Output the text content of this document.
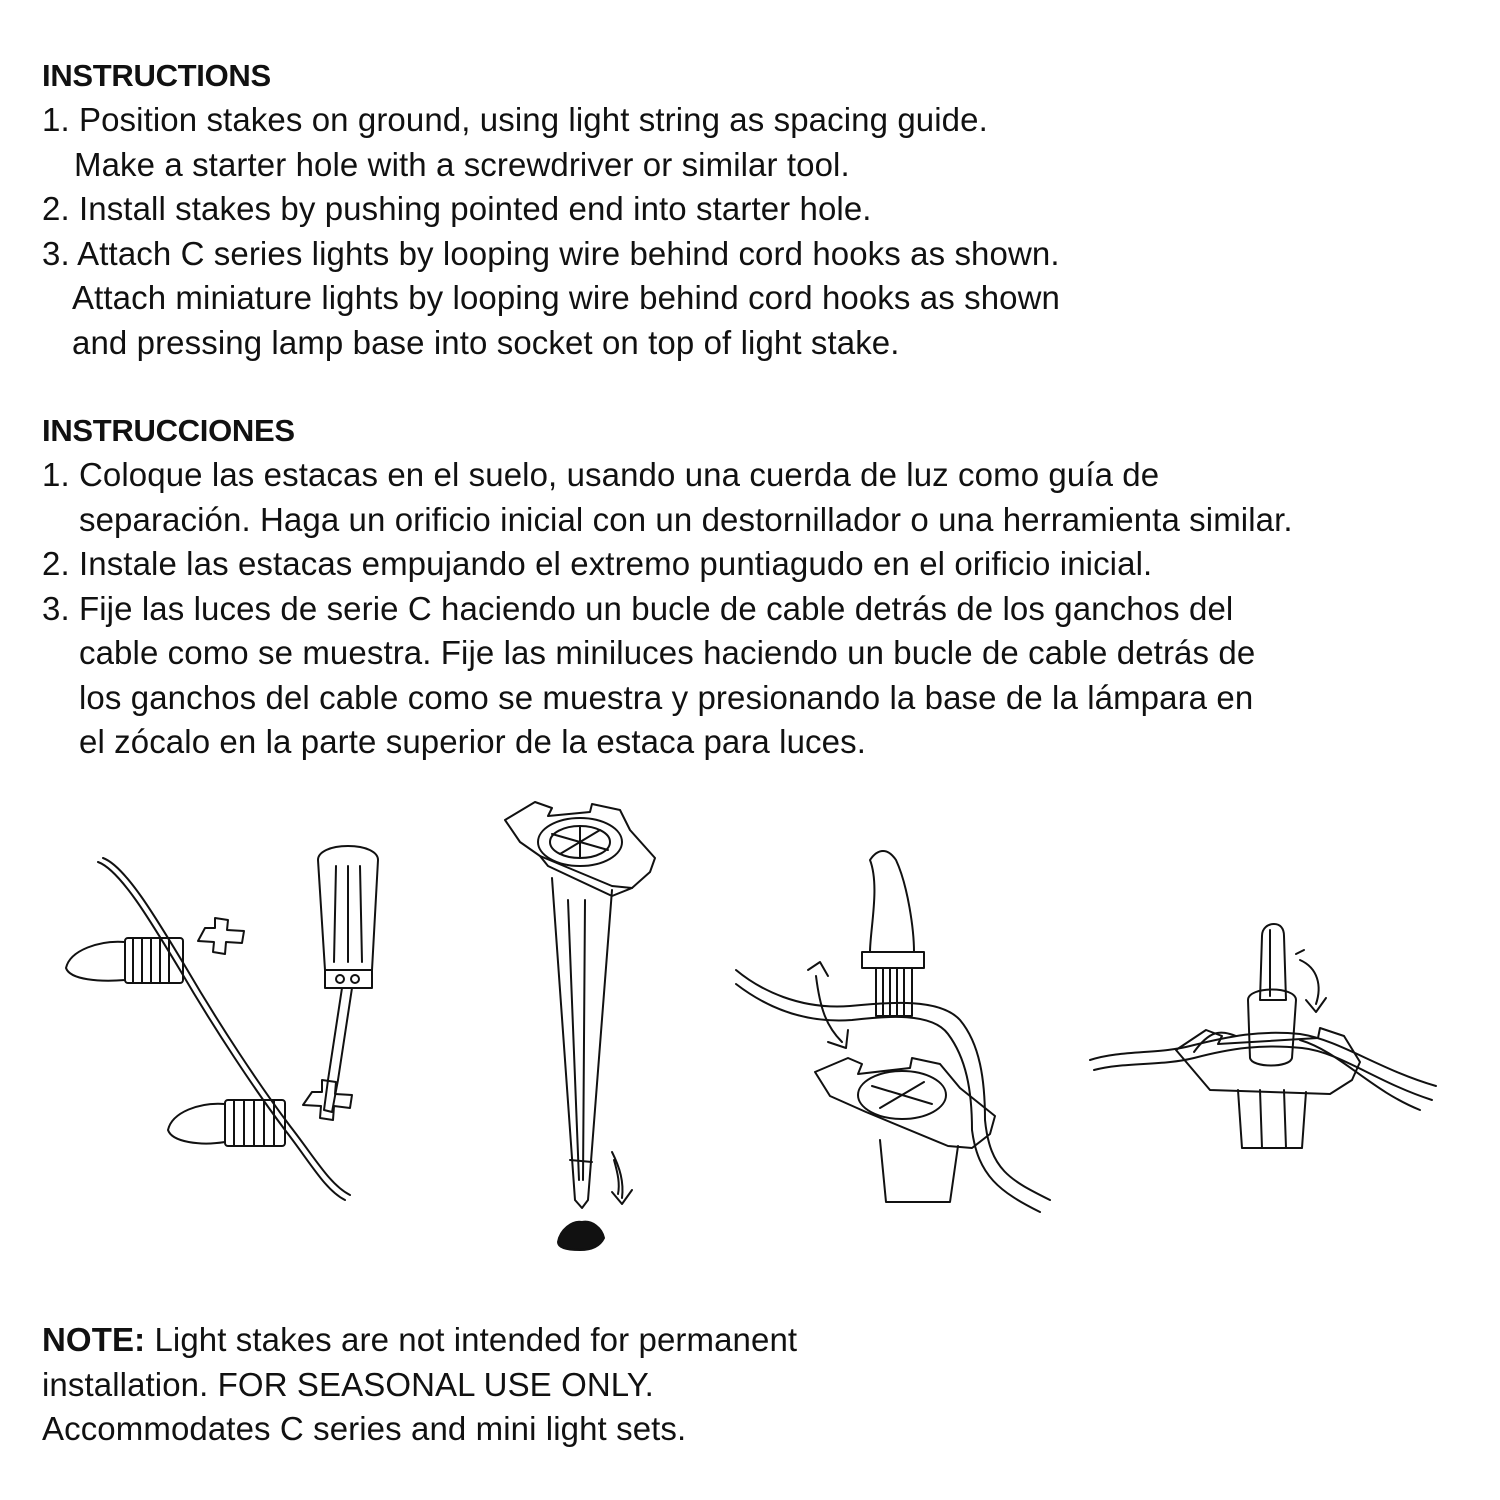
INSTRUCTIONS
1. Position stakes on ground, using light string as spacing guide.
Make a starter hole with a screwdriver or similar tool.
2. Install stakes by pushing pointed end into starter hole.
3. Attach C series lights by looping wire behind cord hooks as shown.
Attach miniature lights by looping wire behind cord hooks as shown
and pressing lamp base into socket on top of light stake.
INSTRUCCIONES
1. Coloque las estacas en el suelo, usando una cuerda de luz como guía de
separación. Haga un orificio inicial con un destornillador o una herramienta similar.
2. Instale las estacas empujando el extremo puntiagudo en el orificio inicial.
3. Fije las luces de serie C haciendo un bucle de cable detrás de los ganchos del
cable como se muestra. Fije las miniluces haciendo un bucle de cable detrás de
los ganchos del cable como se muestra y presionando la base de la lámpara en
el zócalo en la parte superior de la estaca para luces.
NOTE: Light stakes are not intended for permanent
installation. FOR SEASONAL USE ONLY.
Accommodates C series and mini light sets.
